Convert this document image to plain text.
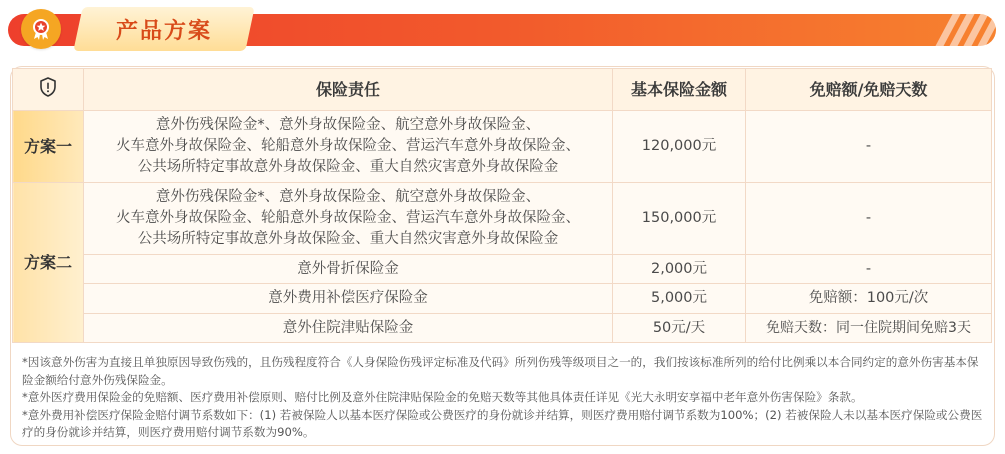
产品方案
	保险责任	基本保险金额	免赔额/免赔天数
方案一	意外伤残保险金*、意外身故保险金、航空意外身故保险金、
火车意外身故保险金、轮船意外身故保险金、营运汽车意外身故保险金、
公共场所特定事故意外身故保险金、重大自然灾害意外身故保险金	120,000元	-
方案二	意外伤残保险金*、意外身故保险金、航空意外身故保险金、
火车意外身故保险金、轮船意外身故保险金、营运汽车意外身故保险金、
公共场所特定事故意外身故保险金、重大自然灾害意外身故保险金	150,000元	-
	意外骨折保险金	2,000元	-
	意外费用补偿医疗保险金	5,000元	免赔额：100元/次
	意外住院津贴保险金	50元/天	免赔天数：同一住院期间免赔3天

*因该意外伤害为直接且单独原因导致伤残的，且伤残程度符合《人身保险伤残评定标准及代码》所列伤残等级项目之一的，我们按该标准所列的给付比例乘以本合同约定的意外伤害基本保险金额给付意外伤残保险金。

*意外医疗费用保险金的免赔额、医疗费用补偿原则、赔付比例及意外住院津贴保险金的免赔天数等其他具体责任详见《光大永明安享福中老年意外伤害保险》条款。

*意外费用补偿医疗保险金赔付调节系数如下：(1) 若被保险人以基本医疗保险或公费医疗的身份就诊并结算，则医疗费用赔付调节系数为100%；(2) 若被保险人未以基本医疗保险或公费医疗的身份就诊并结算，则医疗费用赔付调节系数为90%。
